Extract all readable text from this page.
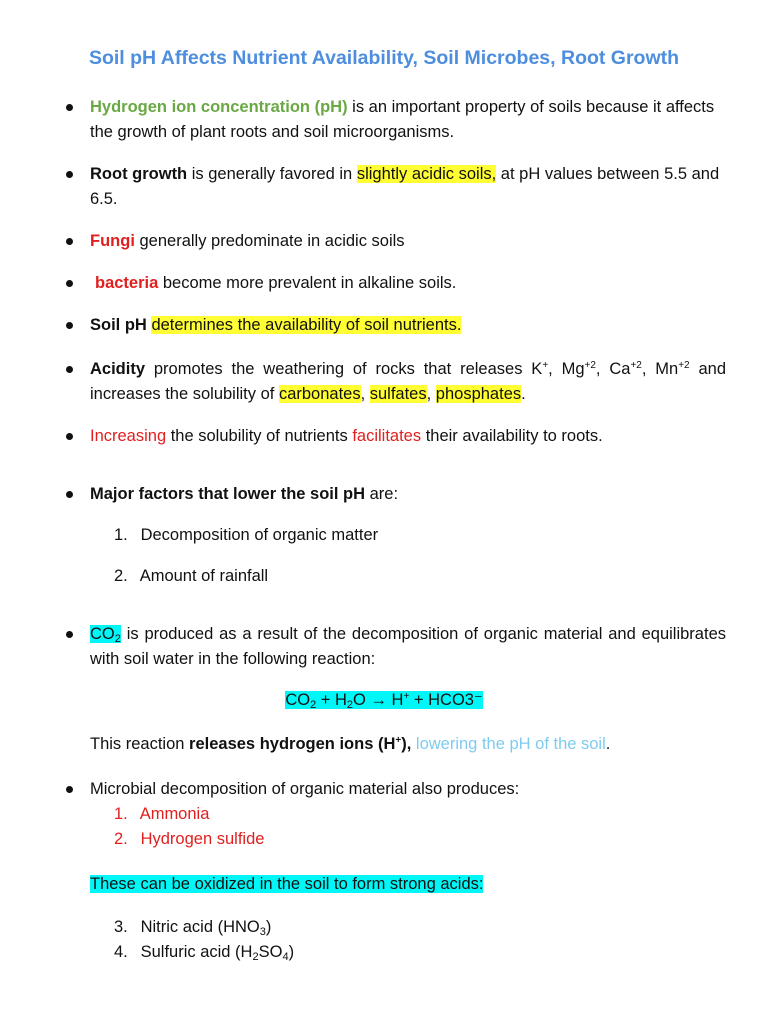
Soil pH Affects Nutrient Availability, Soil Microbes, Root Growth
Hydrogen ion concentration (pH) is an important property of soils because it affects the growth of plant roots and soil microorganisms.
Root growth is generally favored in slightly acidic soils, at pH values between 5.5 and 6.5.
Fungi generally predominate in acidic soils
bacteria become more prevalent in alkaline soils.
Soil pH determines the availability of soil nutrients.
Acidity promotes the weathering of rocks that releases K+, $Mg^{+2}$, $Ca^{+2}$, $Mn^{+2}$ and increases the solubility of carbonates, sulfates, phosphates.
Increasing the solubility of nutrients facilitates their availability to roots.
Major factors that lower the soil pH are:
1. Decomposition of organic matter
2. Amount of rainfall
$CO_2$ is produced as a result of the decomposition of organic material and equilibrates with soil water in the following reaction:
$CO_2 + H_2O \to H^+ + HCO3^-$
This reaction releases hydrogen ions (H+), lowering the pH of the soil.
Microbial decomposition of organic material also produces:
1. Ammonia
2. Hydrogen sulfide
These can be oxidized in the soil to form strong acids:
3. Nitric acid $(HNO_3)$
4. Sulfuric acid $(H_2SO_4)$
